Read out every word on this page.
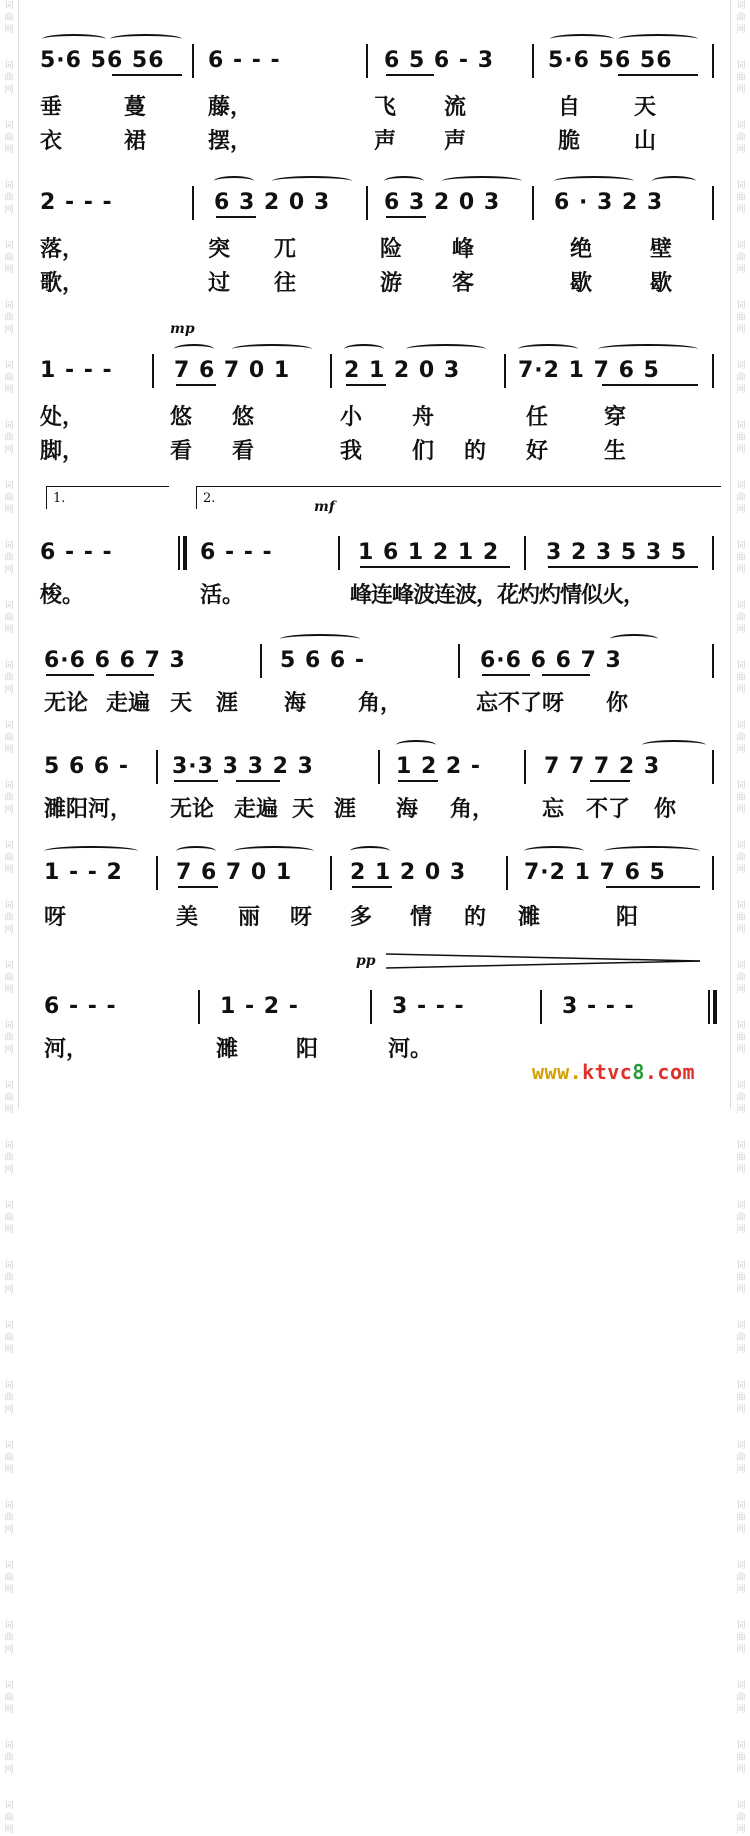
词
曲
网

词
曲
网

词
曲
网

词
曲
网

词
曲
网

词
曲
网

词
曲
网

词
曲
网

词
曲
网

词
曲
网

词
曲
网

词
曲
网

词
曲
网

词
曲
网

词
曲
网

词
曲
网

词
曲
网

词
曲
网

词
曲
网

词
曲
网

词
曲
网

词
曲
网

词
曲
网

词
曲
网

词
曲
网

词
曲
网

词
曲
网

词
曲
网

词
曲
网

词
曲
网

词
曲
网

词
曲
网

词
曲
网

词
曲
网

词
曲
网

词
曲
网

词
曲
网

词
曲
网

词
曲
网

词
曲
网

词
曲
网

词
曲
网

词
曲
网

词
曲
网

词
曲
网

词
曲
网

词
曲
网

词
曲
网

词
曲
网

词
曲
网

词
曲
网

词
曲
网

词
曲
网

词
曲
网

词
曲
网

词
曲
网

词
曲
网

词
曲
网

词
曲
网

词
曲
网

词
曲
网

词
曲
网

5·6 56 56 6 - - -	6 5 6 - 3 5·6 56 56
垂	蔓	藤，	飞 流	自 天
衣	裙	摆，	声 声	脆 山
2 - - -	6 3 2 0 3 6 3 2 0 3 6 · 3 2 3
落，	突 兀	险 峰	绝	壁
歌，	过 往	游 客	歇	歇
mp
1 - - -	7 6 7 0 1 2 1 2 0 3	7·2 1 7 6 5
处，	悠 悠	小 舟	任	穿
脚，	看 看	我 们 的 好	生
1.	2.
mf
6 - - -	6 - - -	1 6 1 2 1 2 3 2 3 5 3 5
梭。	活。	峰连峰波连波，花灼灼情似火，
6·6 6 6 7 3	5 6 6 -	6·6 6 6 7 3
无论 走遍 天 涯 海 角，	忘不了呀 你
5 6 6 - 3·3 3 3 2 3	1 2 2 -	7 7 7 2 3
濉阳河， 无论 走遍 天 涯 海 角， 忘 不了 你
1 - - 2 7 6 7 0 1	2 1 2 0 3	7·2 1 7 6 5
呀	美 丽 呀 多 情 的 濉	阳
pp
6 - - -	1 - 2 -	3 - - -	3 - - -
河，	濉	阳	河。
www.ktvc8.com
